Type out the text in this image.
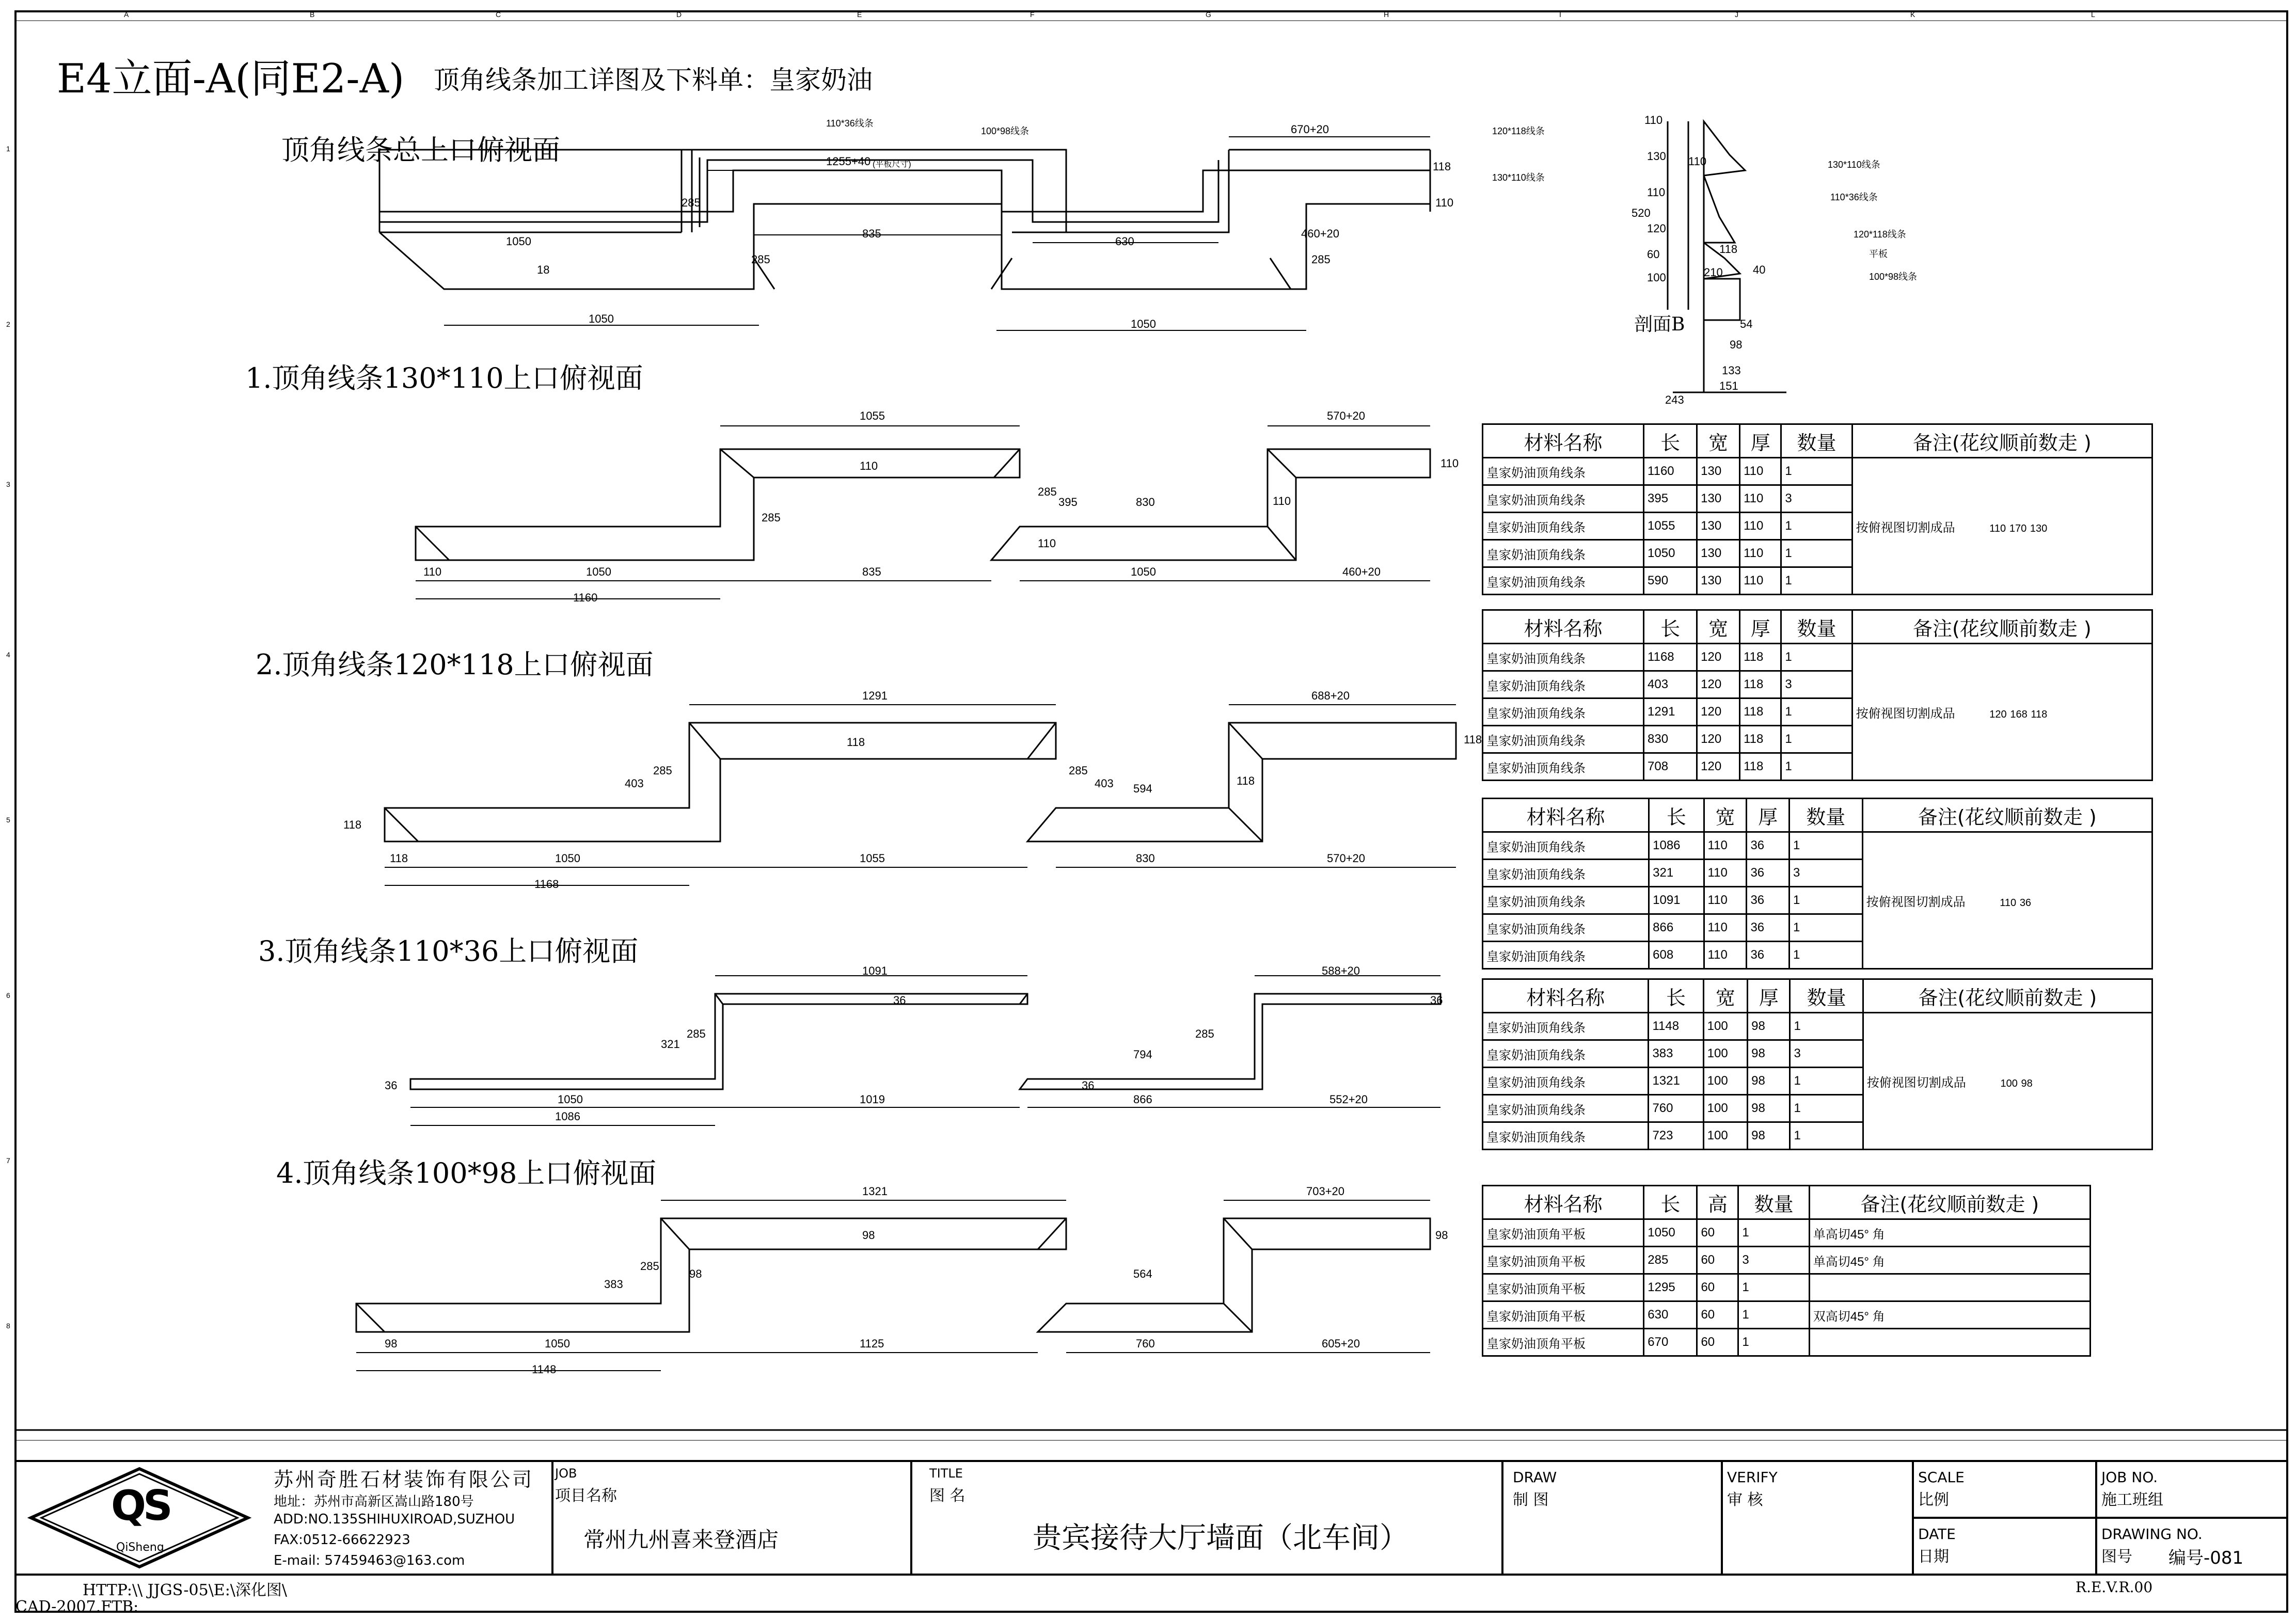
E4立面-A(同E2-A) 顶角线条加工详图及下料单：皇家奶油
顶角线条总上口俯视面
1050
1050
1255+40
835
630
460+20
1050
670+20
285
285
110
118
285
18
110*36线条
100*98线条	120*118线条
130*110线条
(平板尺寸)
剖面B
110
130
110
120
60
100
520
243
151
133
98
54
110
118
210	40
130*110线条
110*36线条
120*118线条
平板
100*98线条
1.顶角线条130*110上口俯视面
2.顶角线条120*118上口俯视面
3.顶角线条110*36上口俯视面
4.顶角线条100*98上口俯视面
1055	570+20
830
1050	835	1050	460+20
1160
110
110	110
285
285
395	110
110
1291	688+20
118
403
285
118
285
403 594
118
118	1050	1055	830	570+20
1168
118
1091	588+20
36
321
285
36
794
285
36
36
1050	1019	866	552+20
1086
1321	703+20
98
383
285
98
98
564
98	1050	1125	760	605+20
1148
材料名称	长	宽	厚	数量	备注(花纹顺前数走 )
皇家奶油顶角线条	1160	130	110	1	按俯视图切割成品 110 170 130
皇家奶油顶角线条	395	130	110	3	
皇家奶油顶角线条	1055	130	110	1	
皇家奶油顶角线条	1050	130	110	1	
皇家奶油顶角线条	590	130	110	1	
材料名称	长	宽	厚	数量	备注(花纹顺前数走 )
皇家奶油顶角线条	1168	120	118	1	按俯视图切割成品 120 168 118
皇家奶油顶角线条	403	120	118	3	
皇家奶油顶角线条	1291	120	118	1	
皇家奶油顶角线条	830	120	118	1	
皇家奶油顶角线条	708	120	118	1	
材料名称	长	宽	厚	数量	备注(花纹顺前数走 )
皇家奶油顶角线条	1086	110	36	1	按俯视图切割成品 110 36
皇家奶油顶角线条	321	110	36	3	
皇家奶油顶角线条	1091	110	36	1	
皇家奶油顶角线条	866	110	36	1	
皇家奶油顶角线条	608	110	36	1	
材料名称	长	宽	厚	数量	备注(花纹顺前数走 )
皇家奶油顶角线条	1148	100	98	1	按俯视图切割成品 100 98
皇家奶油顶角线条	383	100	98	3	
皇家奶油顶角线条	1321	100	98	1	
皇家奶油顶角线条	760	100	98	1	
皇家奶油顶角线条	723	100	98	1	
材料名称	长	高	数量	备注(花纹顺前数走 )
皇家奶油顶角平板	1050	60	1	单高切45° 角
皇家奶油顶角平板	285	60	3	单高切45° 角
皇家奶油顶角平板	1295	60	1	
皇家奶油顶角平板	630	60	1	双高切45° 角
皇家奶油顶角平板	670	60	1	
A	B	C	D	E	F	G	H	I	J	K	L
1
2
3
4
5
6
7
8
QS
QiSheng
苏州奇胜石材装饰有限公司
地址：苏州市高新区嵩山路180号
ADD:NO.135SHIHUXIROAD,SUZHOU
FAX:0512-66622923
E-mail: 57459463@163.com
JOB
项目名称
常州九州喜来登酒店
TITLE
图 名
贵宾接待大厅墙面（北车间）
DRAW
制 图
VERIFY
审 核
SCALE
比例
DATE
日期
JOB NO.
施工班组
DRAWING NO.
图号 编号-081
HTTP:\\ JJGS-05\E:\深化图\
CAD-2007.FTB:
R.E.V.R.00
